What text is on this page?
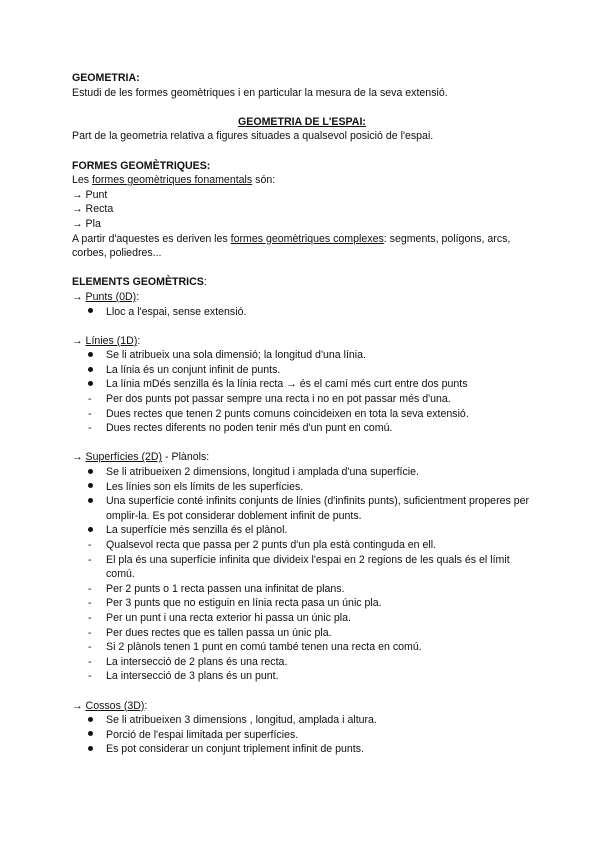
GEOMETRIA:

Estudi de les formes geomètriques i en particular la mesura de la seva extensió.

GEOMETRIA DE L'ESPAI:

Part de la geometria relativa a figures situades a qualsevol posició de l'espai.

FORMES GEOMÈTRIQUES:

Les formes geomètriques fonamentals són:

→ Punt

→ Recta

→ Pla

A partir d'aquestes es deriven les formes geomètriques complexes: segments, polígons, arcs, corbes, poliedres...

ELEMENTS GEOMÈTRICS:

→ Punts (0D):

Lloc a l'espai, sense extensió.

→ Línies (1D):

Se li atribueix una sola dimensió; la longitud d'una línia.
La línia és un conjunt infinit de punts.
La línia mDés senzilla és la línia recta → és el camí més curt entre dos punts
-	Per dos punts pot passar sempre una recta i no en pot passar més d'una.
-	Dues rectes que tenen 2 punts comuns coincideixen en tota la seva extensió.
-	Dues rectes diferents no poden tenir més d'un punt en comú.

→ Superfícies (2D) - Plànols:

Se li atribueixen 2 dimensions, longitud i amplada d'una superfície.
Les línies son els límits de les superfícies.
Una superfície conté infinits conjunts de línies (d'infinits punts), suficientment properes per omplir-la. Es pot considerar doblement infinit de punts.
La superfície més senzilla és el plànol.
-	Qualsevol recta que passa per 2 punts d'un pla està continguda en ell.
-	El pla és una superfície infinita que divideix l'espai en 2 regions de les quals és el límit comú.
-	Per 2 punts o 1 recta passen una infinitat de plans.
-	Per 3 punts que no estiguin en línia recta pasa un únic pla.
-	Per un punt i una recta exterior hi passa un únic pla.
-	Per dues rectes que es tallen passa un únic pla.
-	Si 2 plànols tenen 1 punt en comú també tenen una recta en comú.
-	La intersecció de 2 plans és una recta.
-	La intersecció de 3 plans és un punt.

→ Cossos (3D):

Se li atribueixen 3 dimensions , longitud, amplada i altura.
Porció de l'espai limitada per superfícies.
Es pot considerar un conjunt triplement infinit de punts.
